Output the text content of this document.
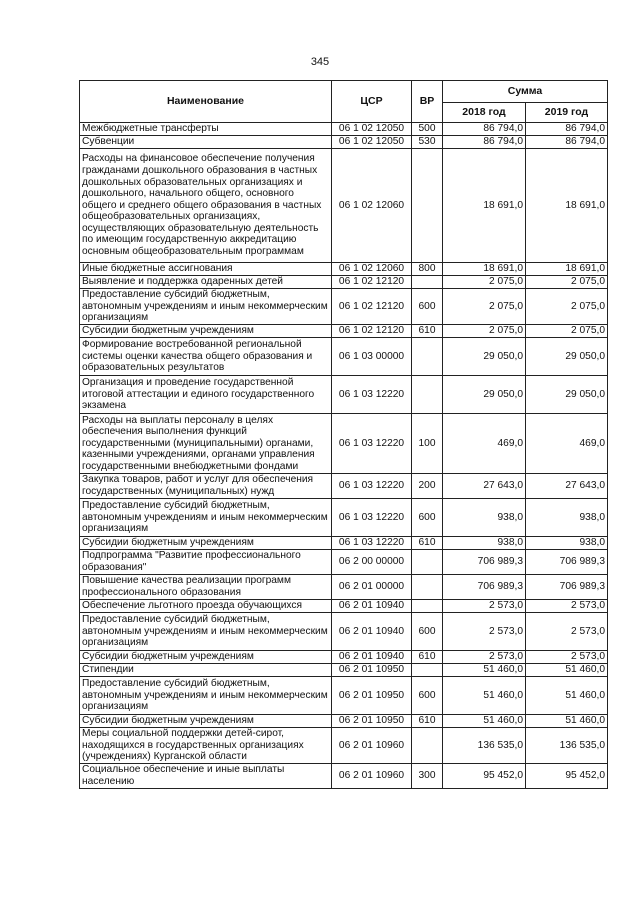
345
Наименование	ЦСР	ВР	Сумма	
			2018 год	2019 год
Межбюджетные трансферты	06 1 02 12050	500	86 794,0	86 794,0
Субвенции	06 1 02 12050	530	86 794,0	86 794,0
Расходы на финансовое обеспечение получения гражданами дошкольного образования в частных дошкольных образовательных организациях и дошкольного, начального общего, основного общего и среднего общего образования в частных общеобразовательных организациях, осуществляющих образовательную деятельность по имеющим государственную аккредитацию основным общеобразовательным программам	06 1 02 12060		18 691,0	18 691,0
Иные бюджетные ассигнования	06 1 02 12060	800	18 691,0	18 691,0
Выявление и поддержка одаренных детей	06 1 02 12120		2 075,0	2 075,0
Предоставление субсидий бюджетным, автономным учреждениям и иным некоммерческим организациям	06 1 02 12120	600	2 075,0	2 075,0
Субсидии бюджетным учреждениям	06 1 02 12120	610	2 075,0	2 075,0
Формирование востребованной региональной системы оценки качества общего образования и образовательных результатов	06 1 03 00000		29 050,0	29 050,0
Организация и проведение государственной итоговой аттестации и единого государственного экзамена	06 1 03 12220		29 050,0	29 050,0
Расходы на выплаты персоналу в целях обеспечения выполнения функций государственными (муниципальными) органами, казенными учреждениями, органами управления государственными внебюджетными фондами	06 1 03 12220	100	469,0	469,0
Закупка товаров, работ и услуг для обеспечения государственных (муниципальных) нужд	06 1 03 12220	200	27 643,0	27 643,0
Предоставление субсидий бюджетным, автономным учреждениям и иным некоммерческим организациям	06 1 03 12220	600	938,0	938,0
Субсидии бюджетным учреждениям	06 1 03 12220	610	938,0	938,0
Подпрограмма "Развитие профессионального образования"	06 2 00 00000		706 989,3	706 989,3
Повышение качества реализации программ профессионального образования	06 2 01 00000		706 989,3	706 989,3
Обеспечение льготного проезда обучающихся	06 2 01 10940		2 573,0	2 573,0
Предоставление субсидий бюджетным, автономным учреждениям и иным некоммерческим организациям	06 2 01 10940	600	2 573,0	2 573,0
Субсидии бюджетным учреждениям	06 2 01 10940	610	2 573,0	2 573,0
Стипендии	06 2 01 10950		51 460,0	51 460,0
Предоставление субсидий бюджетным, автономным учреждениям и иным некоммерческим организациям	06 2 01 10950	600	51 460,0	51 460,0
Субсидии бюджетным учреждениям	06 2 01 10950	610	51 460,0	51 460,0
Меры социальной поддержки детей-сирот, находящихся в государственных организациях (учреждениях) Курганской области	06 2 01 10960		136 535,0	136 535,0
Социальное обеспечение и иные выплаты населению	06 2 01 10960	300	95 452,0	95 452,0
